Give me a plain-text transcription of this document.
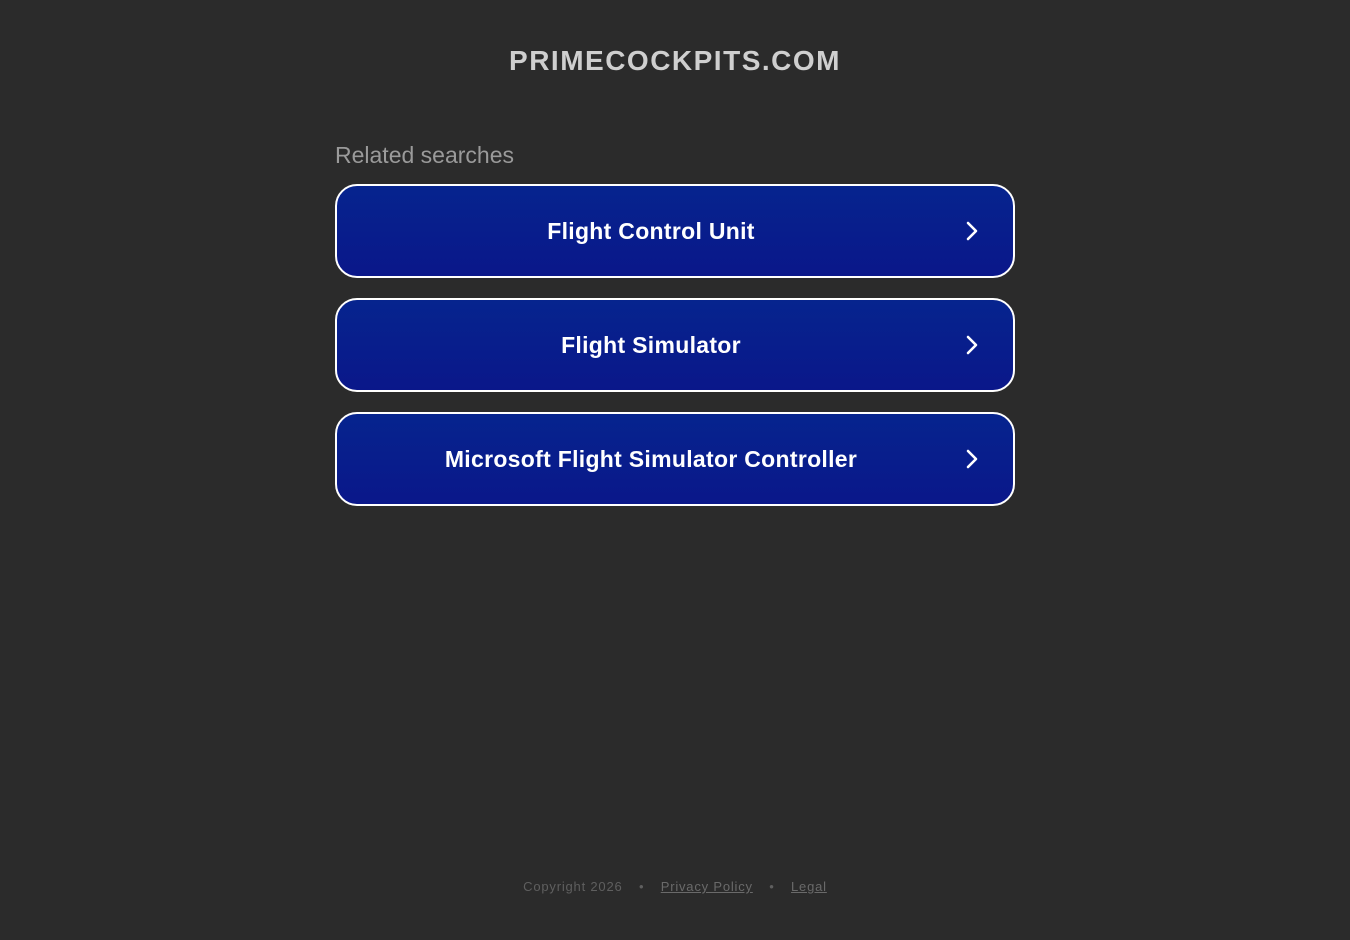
PRIMECOCKPITS.COM
Related searches
Flight Control Unit
Flight Simulator
Microsoft Flight Simulator Controller
Copyright 2026 • Privacy Policy • Legal
